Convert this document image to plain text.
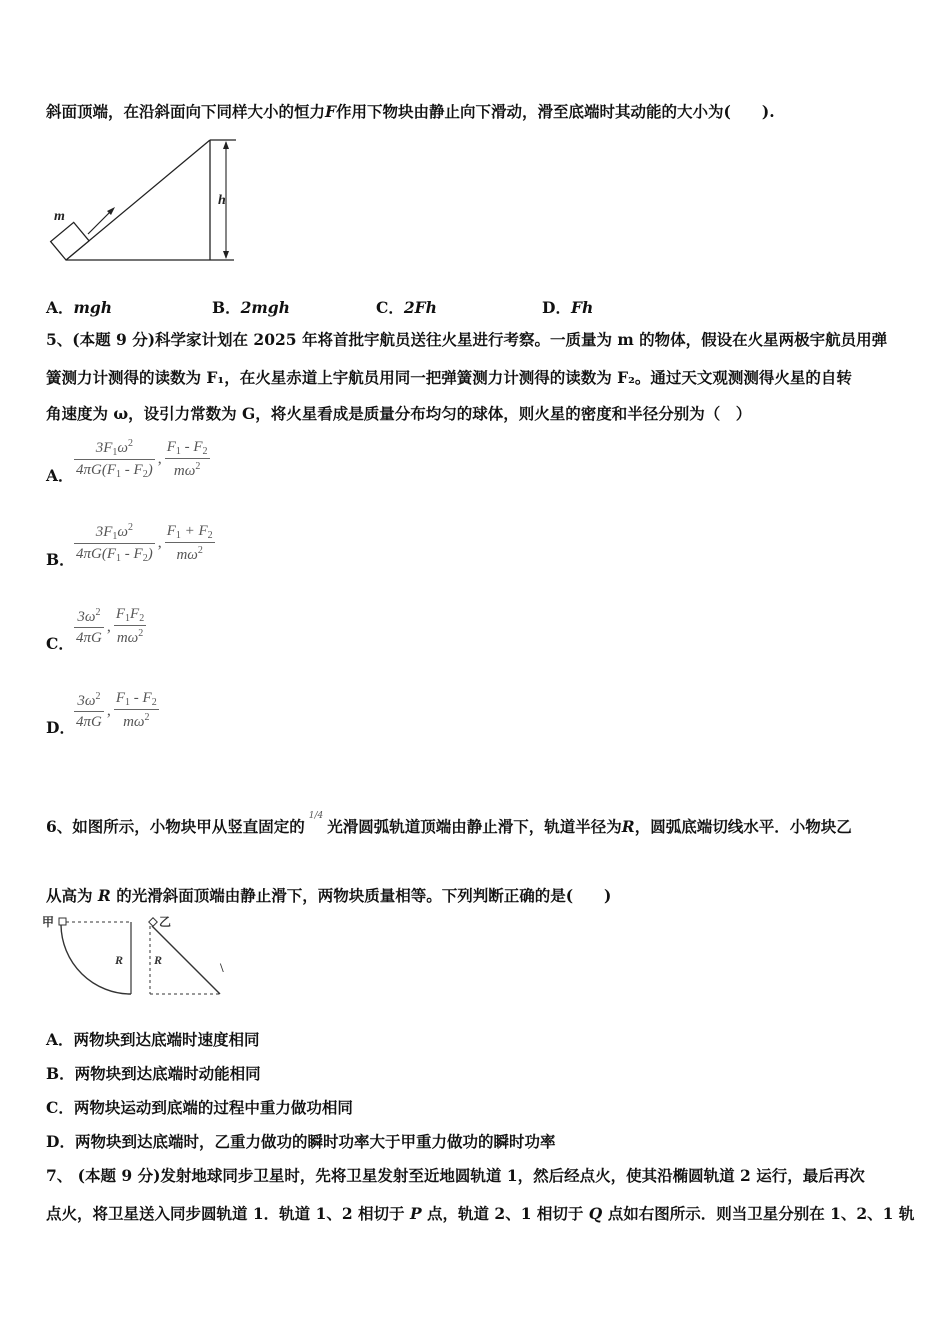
斜面顶端，在沿斜面向下同样大小的恒力F作用下物块由静止向下滑动，滑至底端时其动能的大小为(　　).
m
h
A．mgh	B．2mgh	C．2Fh	D．Fh
5、(本题 9 分)科学家计划在 2025 年将首批宇航员送往火星进行考察。一质量为 m 的物体，假设在火星两极宇航员用弹
簧测力计测得的读数为 F₁，在火星赤道上宇航员用同一把弹簧测力计测得的读数为 F₂。通过天文观测测得火星的自转
角速度为 ω，设引力常数为 G，将火星看成是质量分布均匀的球体，则火星的密度和半径分别为（　）
A． $\frac{3F_1\omega^2}{4\pi G(F_1 - F_2)}$ , $\frac{F_1 - F_2}{m\omega^2}$
B． $\frac{3F_1\omega^2}{4\pi G(F_1 - F_2)}$ , $\frac{F_1 + F_2}{m\omega^2}$
C． $\frac{3\omega^2}{4\pi G}$ , $\frac{F_1F_2}{m\omega^2}$
D． $\frac{3\omega^2}{4\pi G}$ , $\frac{F_1 - F_2}{m\omega^2}$
6、如图所示，小物块甲从竖直固定的$^{1/4}$光滑圆弧轨道顶端由静止滑下，轨道半径为R，圆弧底端切线水平．小物块乙
从高为 R 的光滑斜面顶端由静止滑下，两物块质量相等。下列判断正确的是(　　)
甲
R
乙
R	\
A．两物块到达底端时速度相同
B．两物块到达底端时动能相同
C．两物块运动到底端的过程中重力做功相同
D．两物块到达底端时，乙重力做功的瞬时功率大于甲重力做功的瞬时功率
7、 (本题 9 分)发射地球同步卫星时，先将卫星发射至近地圆轨道 1，然后经点火，使其沿椭圆轨道 2 运行，最后再次
点火，将卫星送入同步圆轨道 1．轨道 1、2 相切于 P 点，轨道 2、1 相切于 Q 点如右图所示．则当卫星分别在 1、2、1 轨
